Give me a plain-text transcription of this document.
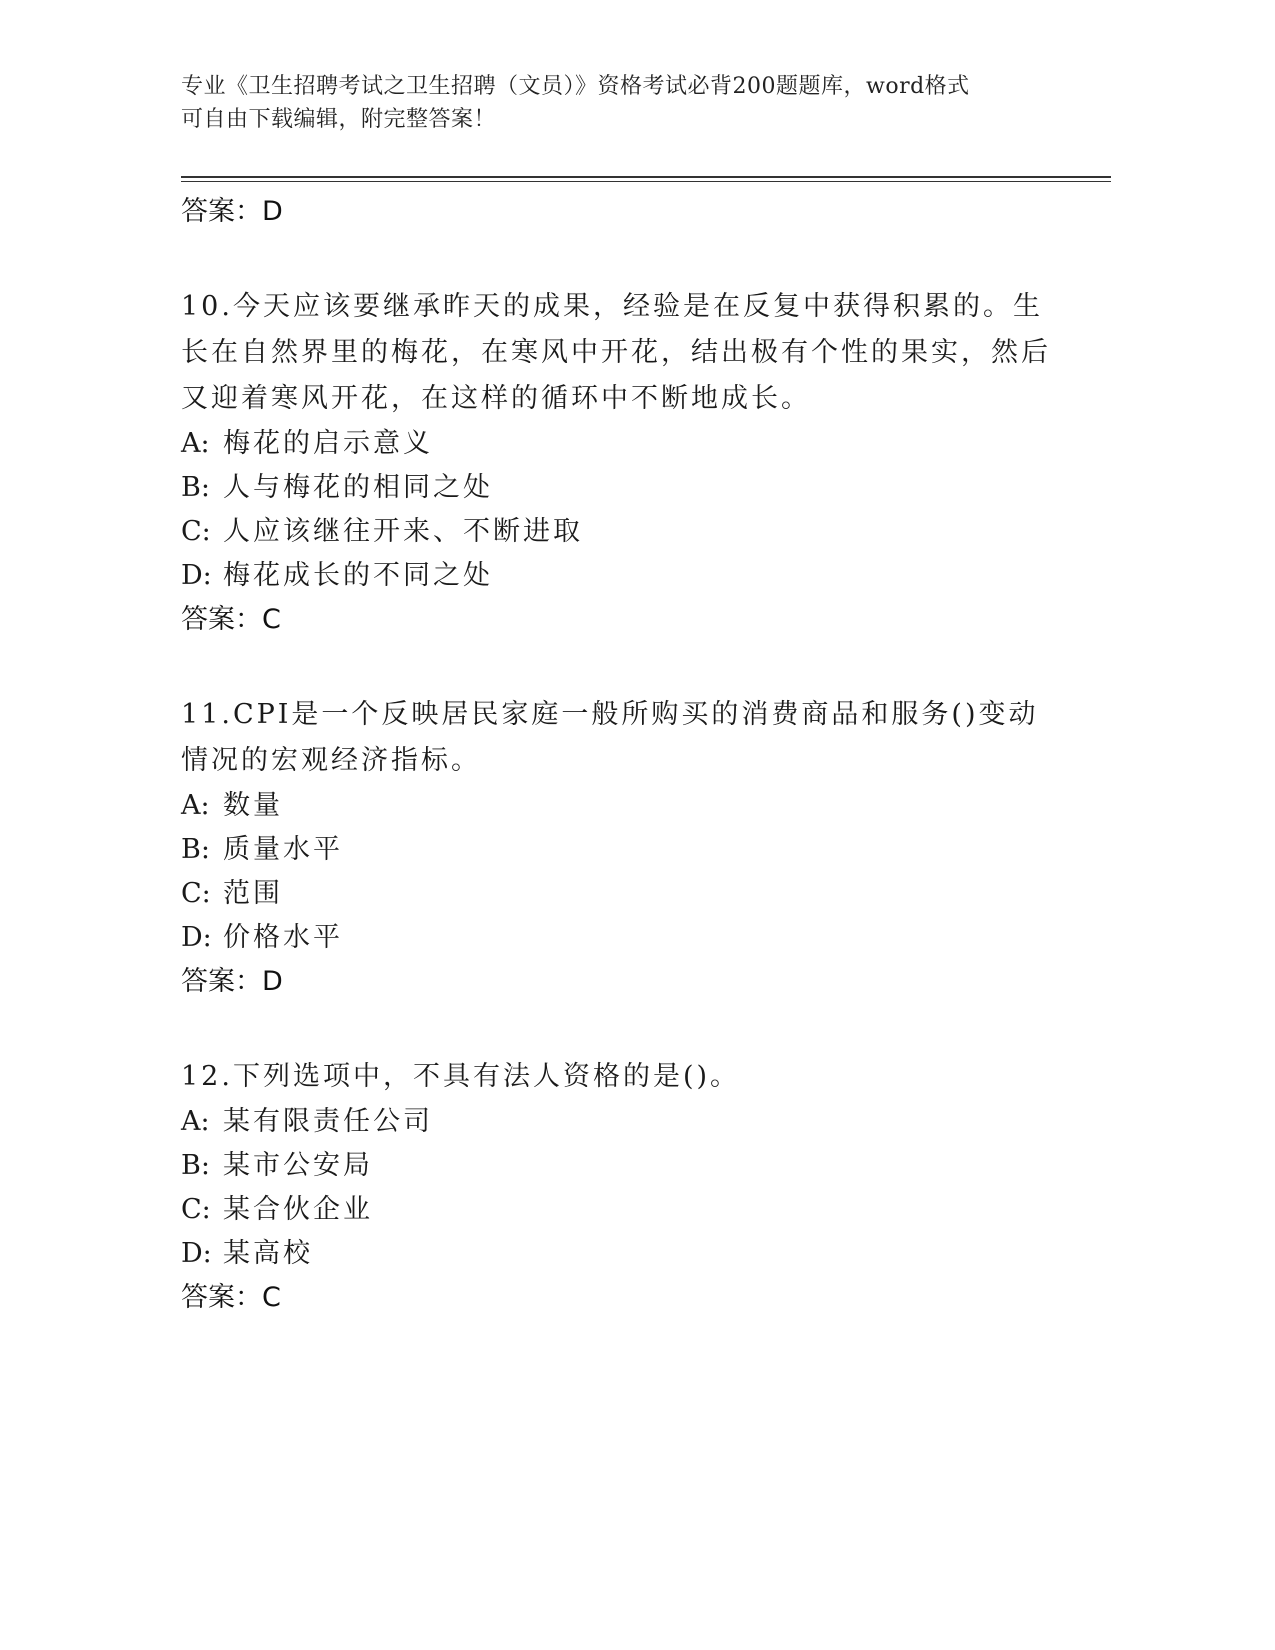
专业《卫生招聘考试之卫生招聘（文员）》资格考试必背200题题库，word格式
可自由下载编辑，附完整答案！
答案 ： D
10.今天应该要继承昨天的成果，经验是在反复中获得积累的。生长在自然界里的梅花，在寒风中开花，结出极有个性的果实，然后又迎着寒风开花，在这样的循环中不断地成长。
A: 梅花的启示意义
B: 人与梅花的相同之处
C: 人应该继往开来、不断进取
D: 梅花成长的不同之处
答案 ： C
11.CPI是一个反映居民家庭一般所购买的消费商品和服务()变动情况的宏观经济指标。
A: 数量
B: 质量水平
C: 范围
D: 价格水平
答案 ： D
12.下列选项中，不具有法人资格的是()。
A: 某有限责任公司
B: 某市公安局
C: 某合伙企业
D: 某高校
答案 ： C
